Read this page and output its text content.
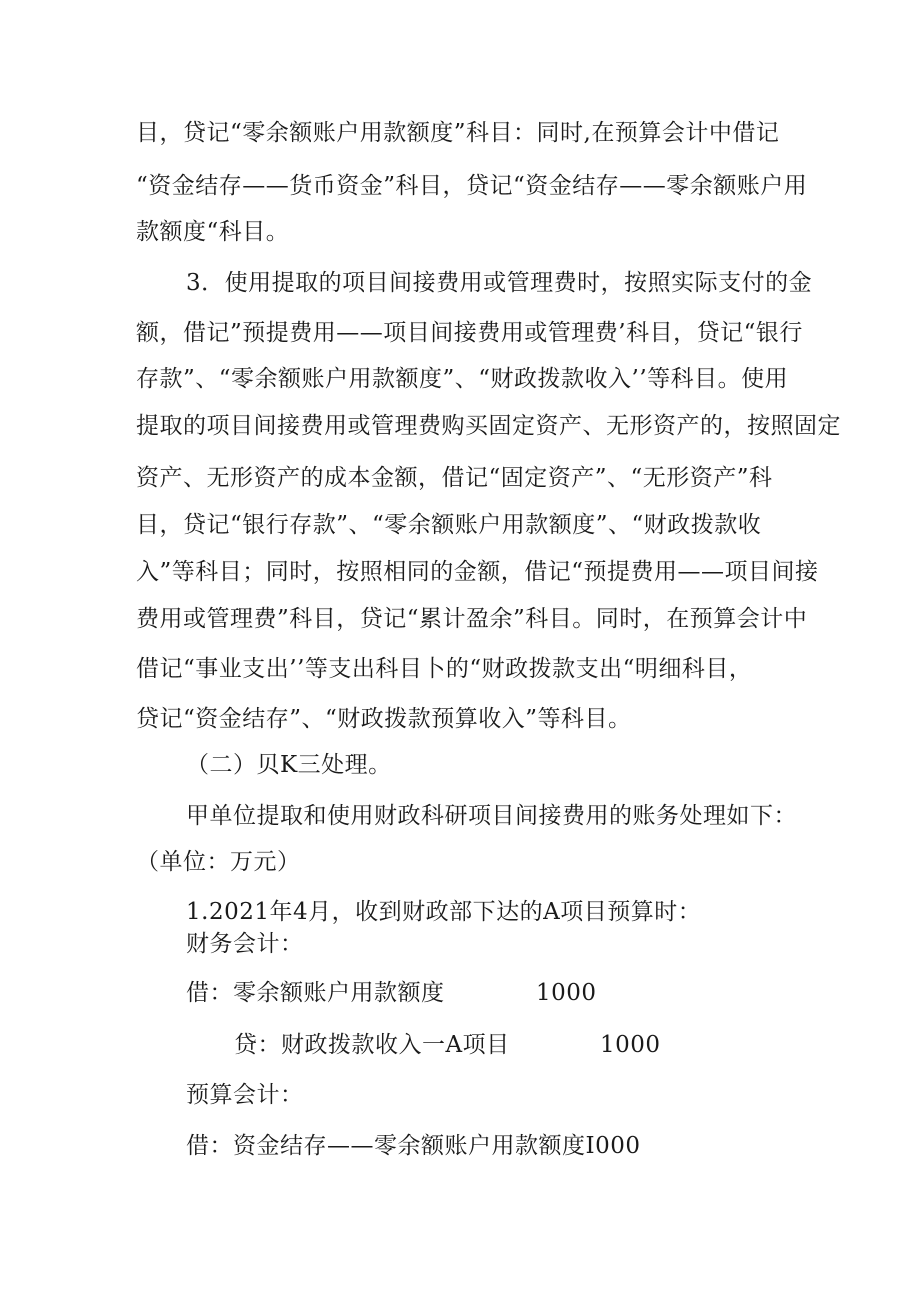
目，贷记“零余额账户用款额度”科目：同时,在预算会计中借记
“资金结存——货币资金”科目，贷记“资金结存——零余额账户用
款额度“科目。
3．使用提取的项目间接费用或管理费时，按照实际支付的金
额，借记”预提费用——项目间接费用或管理费’科目，贷记“银行
存款”、“零余额账户用款额度”、“财政拨款收入’’等科目。使用
提取的项目间接费用或管理费购买固定资产、无形资产的，按照固定
资产、无形资产的成本金额，借记“固定资产”、“无形资产”科
目，贷记“银行存款”、“零余额账户用款额度”、“财政拨款收
入”等科目；同时，按照相同的金额，借记“预提费用——项目间接
费用或管理费”科目，贷记“累计盈余”科目。同时，在预算会计中
借记“事业支出’’等支出科目卜的“财政拨款支出“明细科目，
贷记“资金结存”、“财政拨款预算收入”等科目。
（二）贝K三处理。
甲单位提取和使用财政科研项目间接费用的账务处理如下：
（单位：万元）
1.2021年4月，收到财政部下达的A项目预算时：
财务会计：
借：零余额账户用款额度	1000
贷：财政拨款收入一A项目	1000
预算会计：
借：资金结存——零余额账户用款额度I000
